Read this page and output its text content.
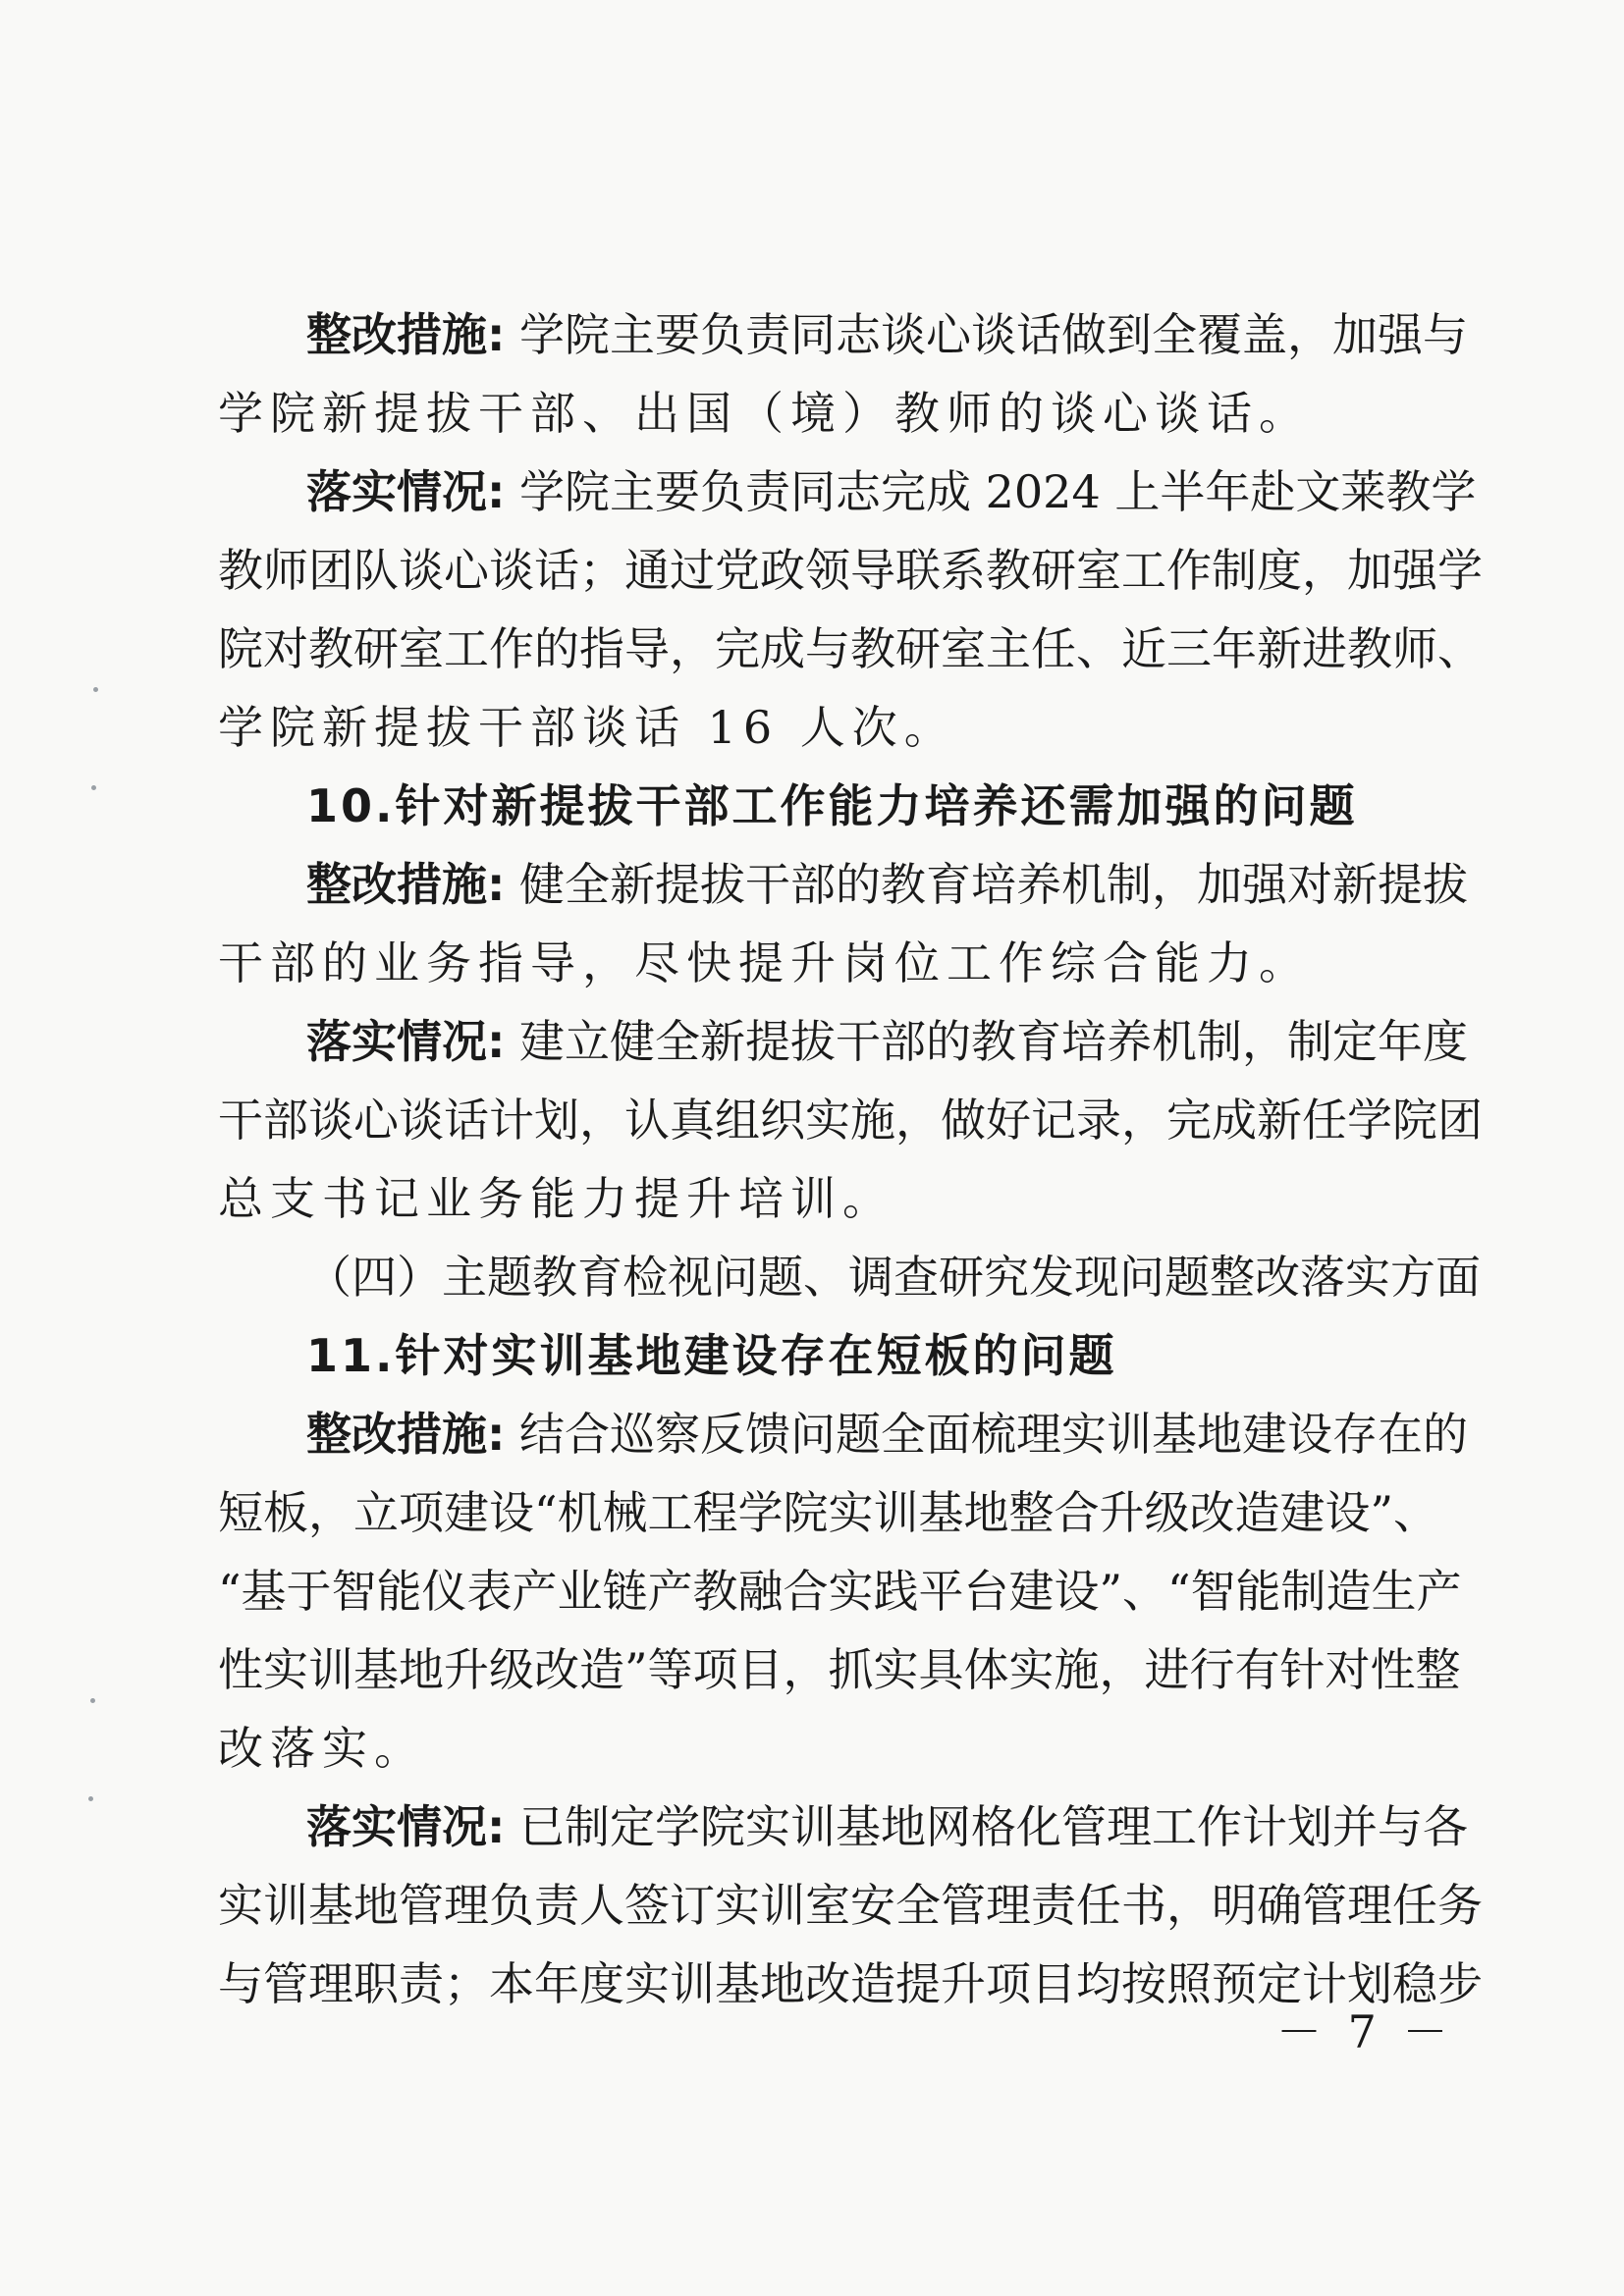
整改措施: 学院主要负责同志谈心谈话做到全覆盖，加强与
学院新提拔干部、出国（境）教师的谈心谈话。
落实情况: 学院主要负责同志完成 2024 上半年赴文莱教学
教师团队谈心谈话；通过党政领导联系教研室工作制度，加强学
院对教研室工作的指导，完成与教研室主任、近三年新进教师、
学院新提拔干部谈话 16 人次。
10.针对新提拔干部工作能力培养还需加强的问题
整改措施: 健全新提拔干部的教育培养机制，加强对新提拔
干部的业务指导，尽快提升岗位工作综合能力。
落实情况: 建立健全新提拔干部的教育培养机制，制定年度
干部谈心谈话计划，认真组织实施，做好记录，完成新任学院团
总支书记业务能力提升培训。
（四）主题教育检视问题、调查研究发现问题整改落实方面
11.针对实训基地建设存在短板的问题
整改措施: 结合巡察反馈问题全面梳理实训基地建设存在的
短板，立项建设“机械工程学院实训基地整合升级改造建设”、
“基于智能仪表产业链产教融合实践平台建设”、“智能制造生产
性实训基地升级改造”等项目，抓实具体实施，进行有针对性整
改落实。
落实情况: 已制定学院实训基地网格化管理工作计划并与各
实训基地管理负责人签订实训室安全管理责任书，明确管理任务
与管理职责；本年度实训基地改造提升项目均按照预定计划稳步
－ 7 －
